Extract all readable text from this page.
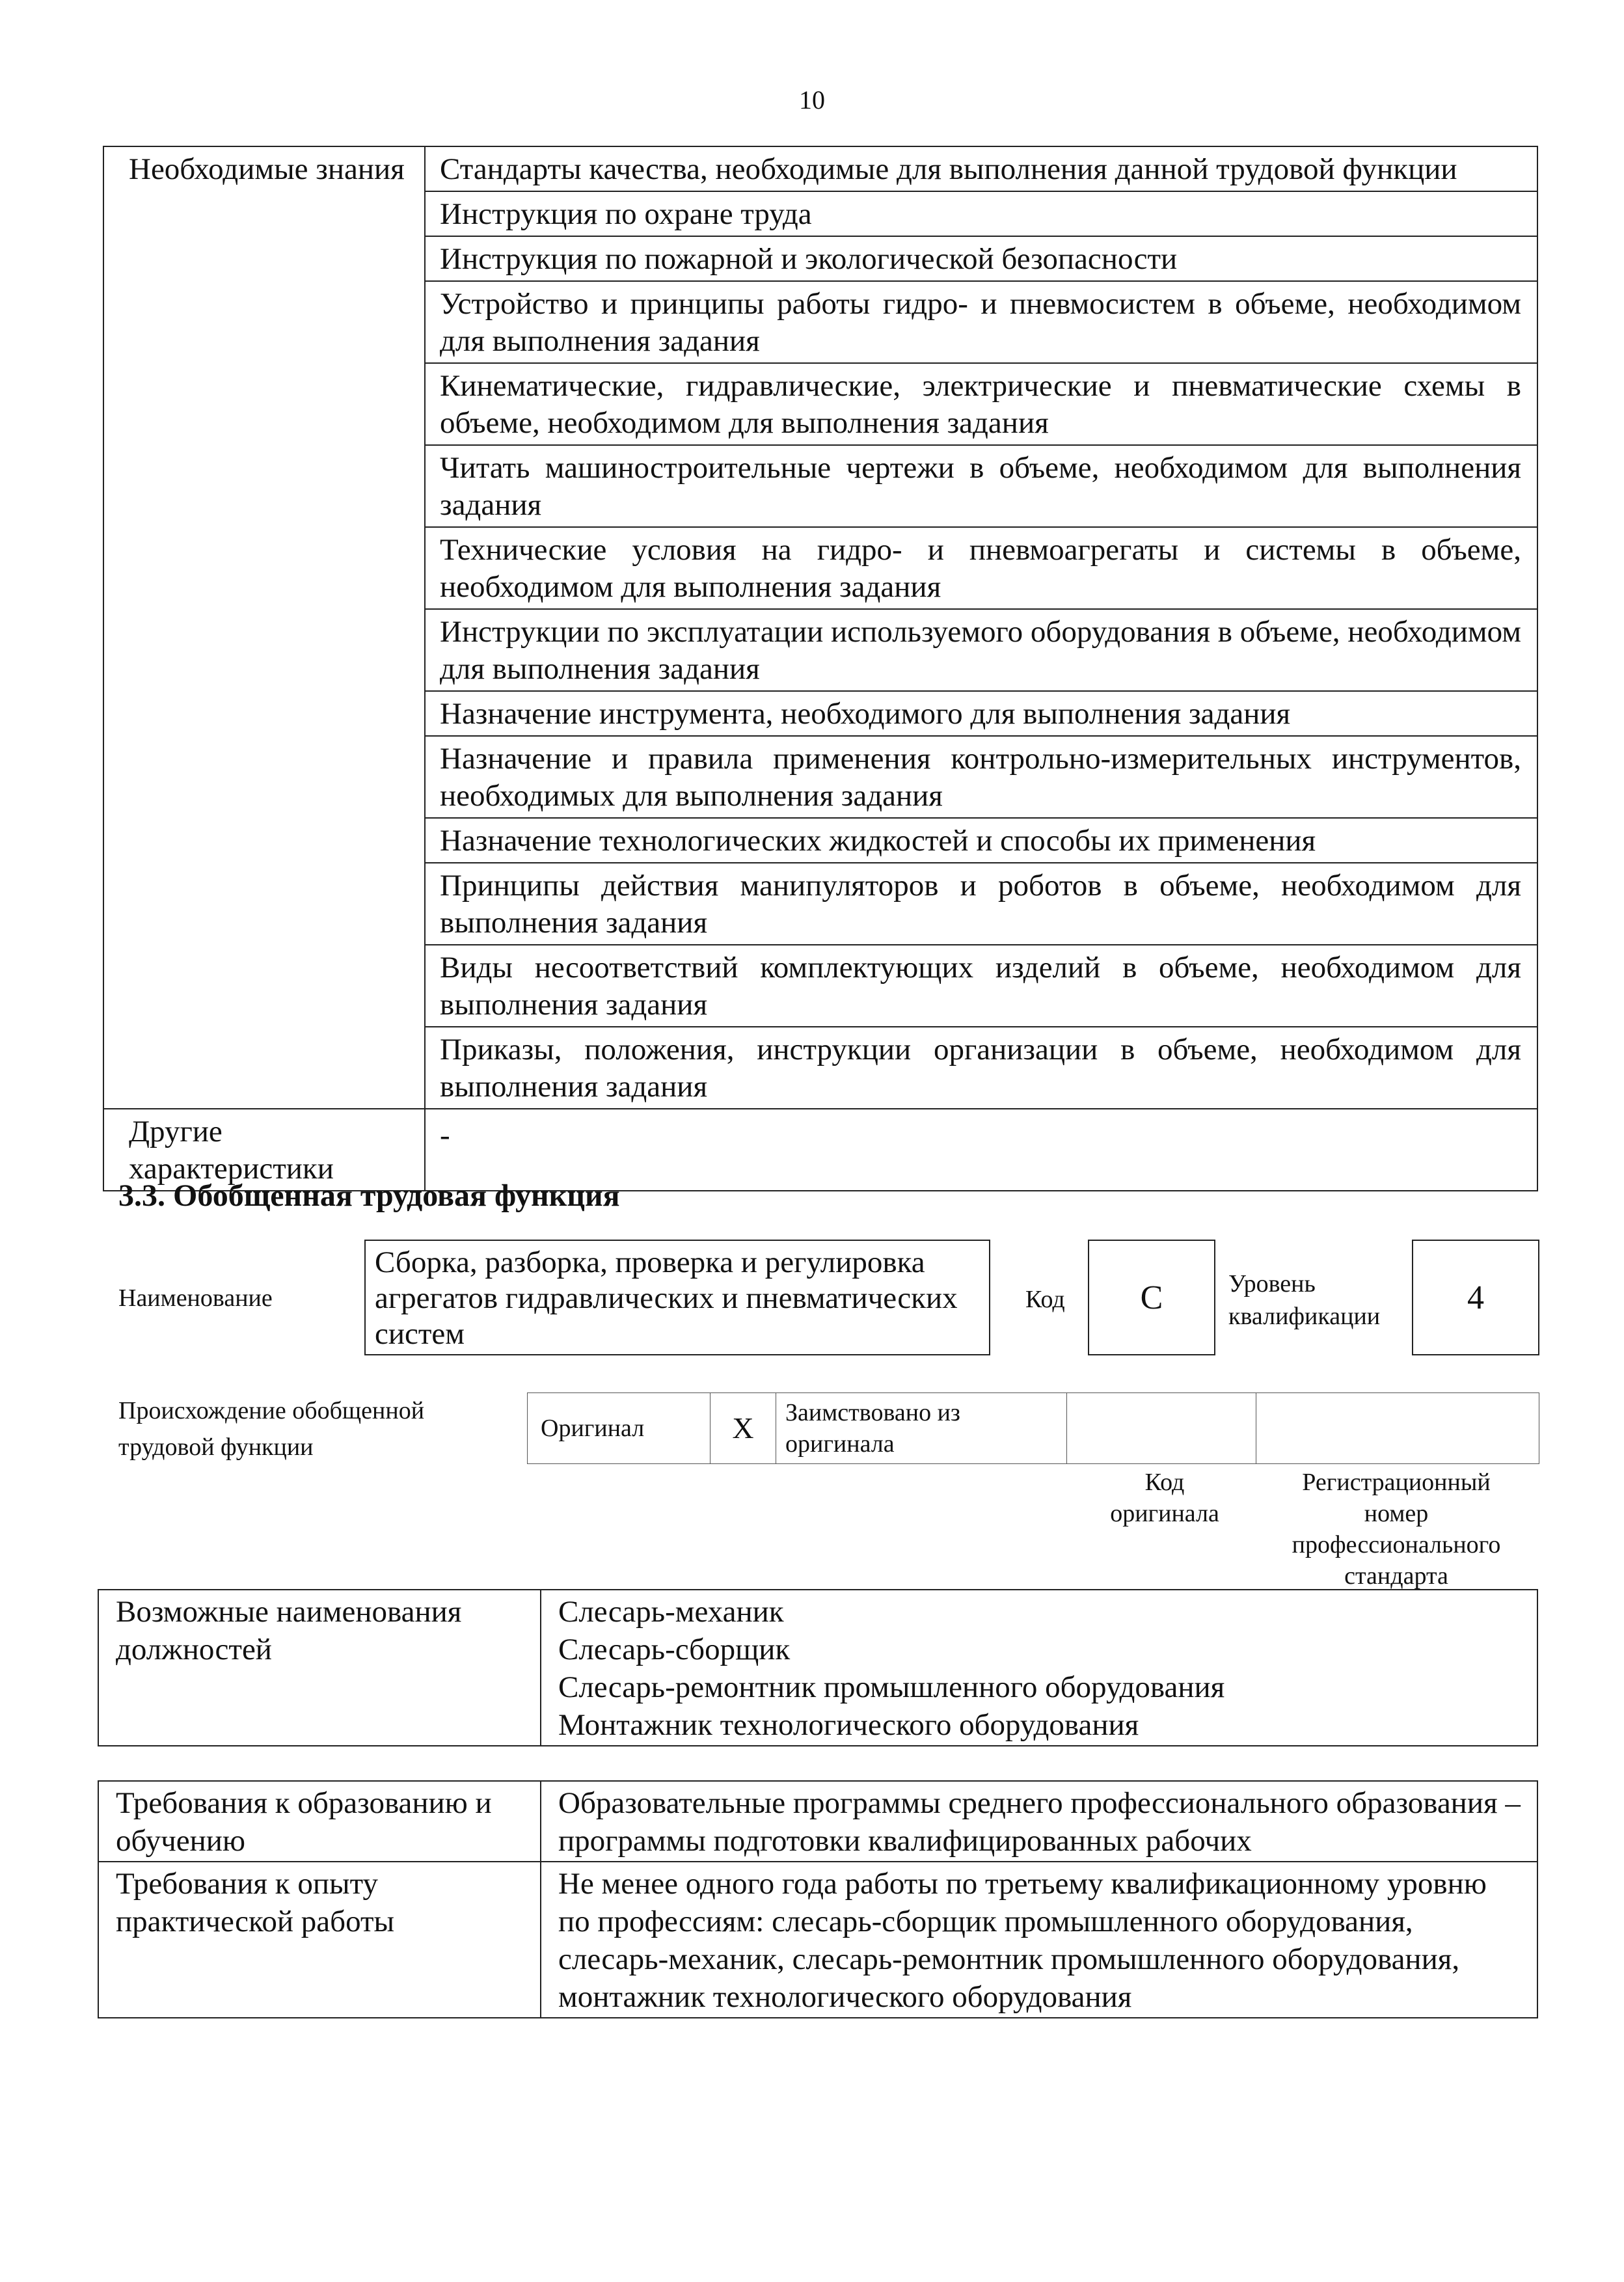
10
Необходимые знания	Стандарты качества, необходимые для выполнения данной трудовой функции
	Инструкция по охране труда
	Инструкция по пожарной и экологической безопасности
	Устройство и принципы работы гидро- и пневмосистем в объеме, необходимом для выполнения задания
	Кинематические, гидравлические, электрические и пневматические схемы в объеме, необходимом для выполнения задания
	Читать машиностроительные чертежи в объеме, необходимом для выполнения задания
	Технические условия на гидро- и пневмоагрегаты и системы в объеме, необходимом для выполнения задания
	Инструкции по эксплуатации используемого оборудования в объеме, необходимом для выполнения задания
	Назначение инструмента, необходимого для выполнения задания
	Назначение и правила применения контрольно-измерительных инструментов, необходимых для выполнения задания
	Назначение технологических жидкостей и способы их применения
	Принципы действия манипуляторов и роботов в объеме, необходимом для выполнения задания
	Виды несоответствий комплектующих изделий в объеме, необходимом для выполнения задания
	Приказы, положения, инструкции организации в объеме, необходимом для выполнения задания
Другие характеристики	-
3.3. Обобщенная трудовая функция
Наименование
Сборка, разборка, проверка и регулировка агрегатов гидравлических и пневматических систем
Код	С	Уровень квалификации
4
Происхождение обобщенной трудовой функции
Оригинал	X	Заимствовано из оригинала		
Код оригинала
Регистрационный номер профессионального стандарта
Возможные наименования должностей	
Слесарь-механик
Слесарь-сборщик
Слесарь-ремонтник промышленного оборудования
Монтажник технологического оборудования
Требования к образованию и обучению	Образовательные программы среднего профессионального образования – программы подготовки квалифицированных рабочих
Требования к опыту практической работы	Не менее одного года работы по третьему квалификационному уровню по профессиям: слесарь-сборщик промышленного оборудования, слесарь-механик, слесарь-ремонтник промышленного оборудования, монтажник технологического оборудования
